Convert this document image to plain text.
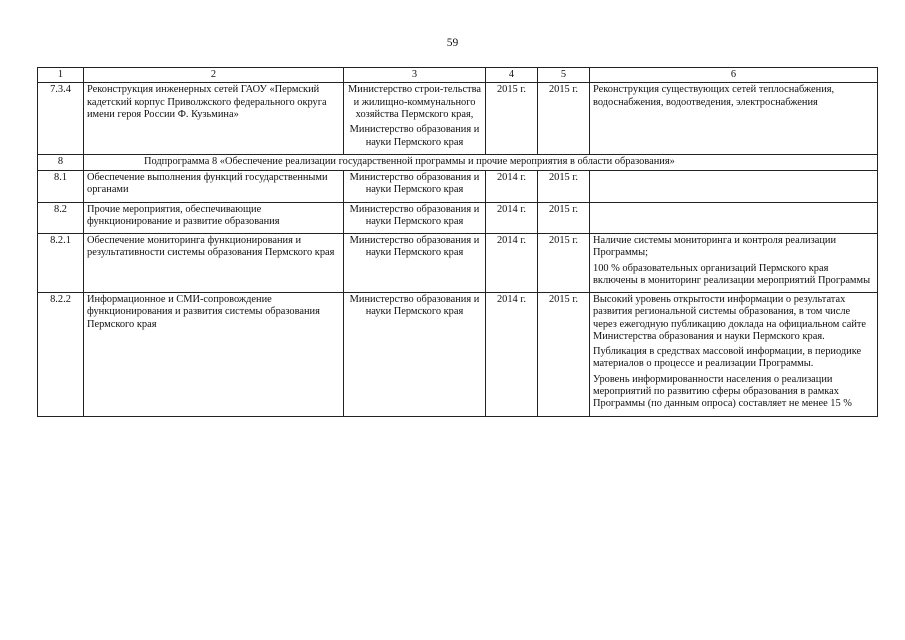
59
1	2	3	4	5	6
7.3.4	Реконструкция инженерных сетей ГАОУ «Пермский кадетский корпус Приволжского федерального округа имени героя России Ф. Кузьмина»	Министерство строи-тельства и жилищно-коммунального хозяйства Пермского края,

Министерство образования и науки Пермского края	2015 г.	2015 г.	Реконструкция существующих сетей теплоснабжения, водоснабжения, водоотведения, электроснабжения

8	Подпрограмма 8 «Обеспечение реализации государственной программы и прочие мероприятия в области образования»				
8.1	Обеспечение выполнения функций государственными органами	Министерство образования и науки Пермского края	2014 г.	2015 г.	
8.2	Прочие мероприятия, обеспечивающие функционирование и развитие образования	Министерство образования и науки Пермского края	2014 г.	2015 г.	
8.2.1	Обеспечение мониторинга функционирования и результативности системы образования Пермского края	Министерство образования и науки Пермского края	2014 г.	2015 г.	Наличие системы мониторинга и контроля реализации Программы;

100 % образовательных организаций Пермского края включены в мониторинг реализации мероприятий Программы

8.2.2	Информационное и СМИ-сопровождение функционирования и развития системы образования Пермского края	Министерство образования и науки Пермского края	2014 г.	2015 г.	Высокий уровень открытости информации о результатах развития региональной системы образования, в том числе через ежегодную публикацию доклада на официальном сайте Министерства образования и науки Пермского края.

Публикация в средствах массовой информации, в периодике материалов о процессе и реализации Программы.

Уровень информированности населения о реализации мероприятий по развитию сферы образования в рамках Программы (по данным опроса) составляет не менее 15 %
